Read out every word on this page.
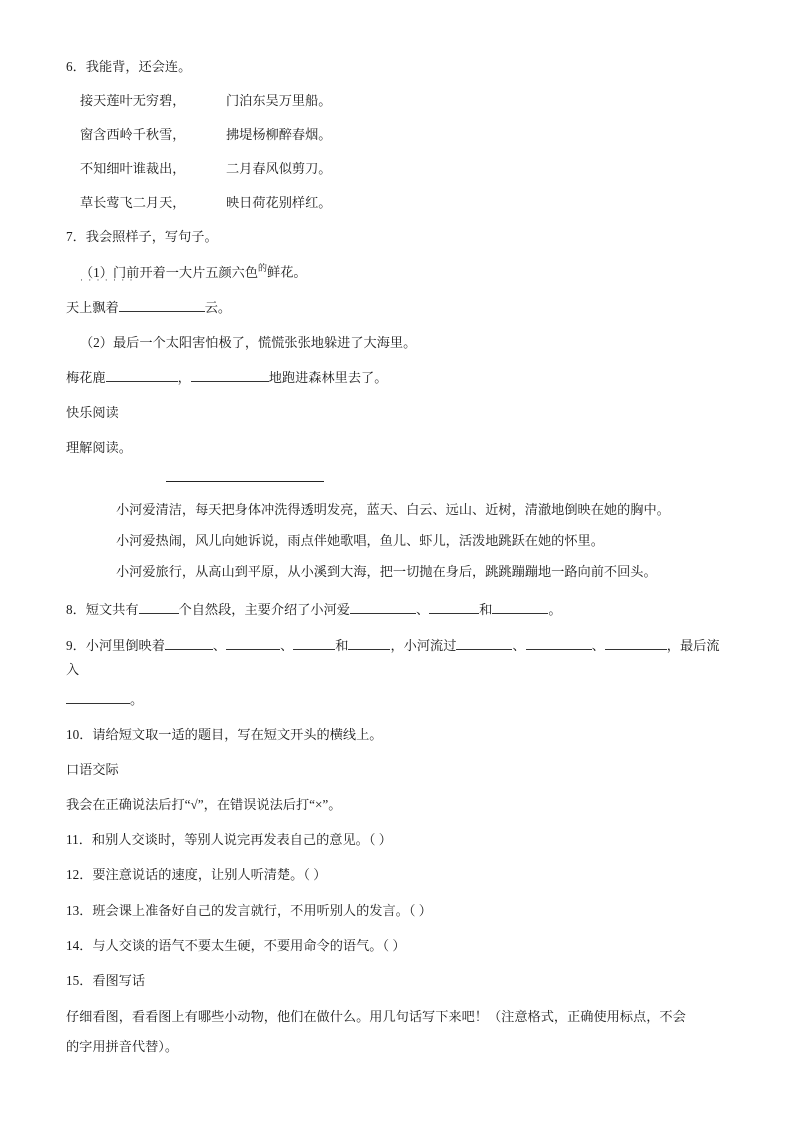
6．我能背，还会连。

接天莲叶无穷碧，	门泊东吴万里船。
窗含西岭千秋雪，	拂堤杨柳醉春烟。
不知细叶谁裁出，	二月春风似剪刀。
草长莺飞二月天，	映日荷花别样红。

7．我会照样子，写句子。

（1）门前开着一大片五颜六色 · · ·$^的$鲜花。

天上飘着	云。

（2）最后一个太阳害怕极了，慌慌张张地躲进了大海里。

梅花鹿	，	地跑进森林里去了。

快乐阅读

理解阅读。

小河爱清洁，每天把身体冲洗得透明发亮，蓝天、白云、远山、近树，清澈地倒映在她的胸中。

小河爱热闹，风儿向她诉说，雨点伴她歌唱，鱼儿、虾儿，活泼地跳跃在她的怀里。

小河爱旅行，从高山到平原，从小溪到大海，把一切抛在身后，跳跳蹦蹦地一路向前不回头。

8．短文共有	个自然段，主要介绍了小河爱	、	和	。

9．小河里倒映着	、	、	和	，小河流过	、	、	，最后流入

。

10．请给短文取一适的题目，写在短文开头的横线上。

口语交际

我会在正确说法后打“√”，在错误说法后打“×”。

11．和别人交谈时，等别人说完再发表自己的意见。（ ）

12．要注意说话的速度，让别人听清楚。（ ）

13．班会课上准备好自己的发言就行，不用听别人的发言。（ ）

14．与人交谈的语气不要太生硬，不要用命令的语气。（ ）

15．看图写话

仔细看图，看看图上有哪些小动物，他们在做什么。用几句话写下来吧！（注意格式，正确使用标点，不会

的字用拼音代替）。
